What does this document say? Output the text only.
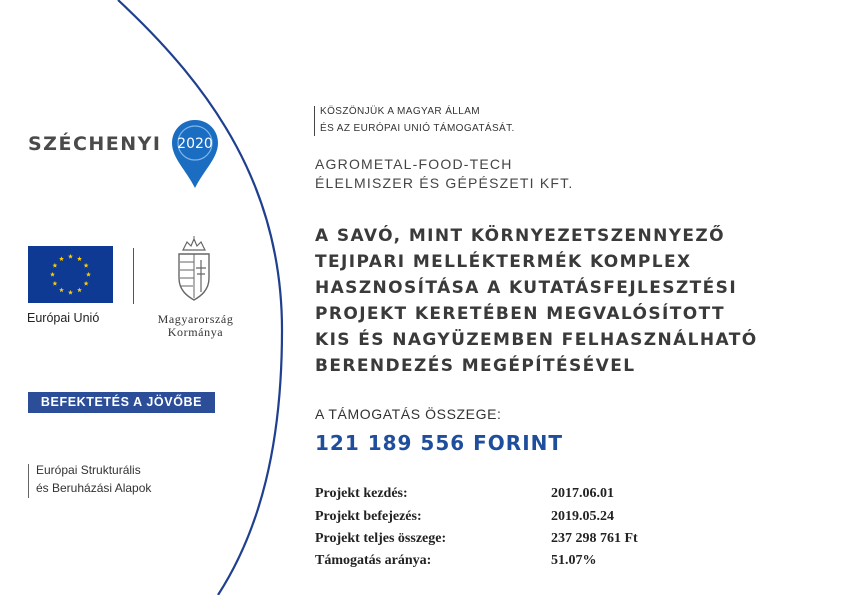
SZÉCHENYI 2020
Európai Unió	Magyarország
Kormánya
BEFEKTETÉS A JÖVŐBE
Európai Strukturális
és Beruházási Alapok
KÖSZÖNJÜK A MAGYAR ÁLLAM
ÉS AZ EURÓPAI UNIÓ TÁMOGATÁSÁT.
AGROMETAL-FOOD-TECH
ÉLELMISZER ÉS GÉPÉSZETI KFT.
A SAVÓ, MINT KÖRNYEZETSZENNYEZŐ
TEJIPARI MELLÉKTERMÉK KOMPLEX
HASZNOSÍTÁSA A KUTATÁSFEJLESZTÉSI
PROJEKT KERETÉBEN MEGVALÓSÍTOTT
KIS ÉS NAGYÜZEMBEN FELHASZNÁLHATÓ
BERENDEZÉS MEGÉPÍTÉSÉVEL
A TÁMOGATÁS ÖSSZEGE:
121 189 556 FORINT
Projekt kezdés:	2017.06.01
Projekt befejezés:	2019.05.24
Projekt teljes összege:	237 298 761 Ft
Támogatás aránya:	51.07%
